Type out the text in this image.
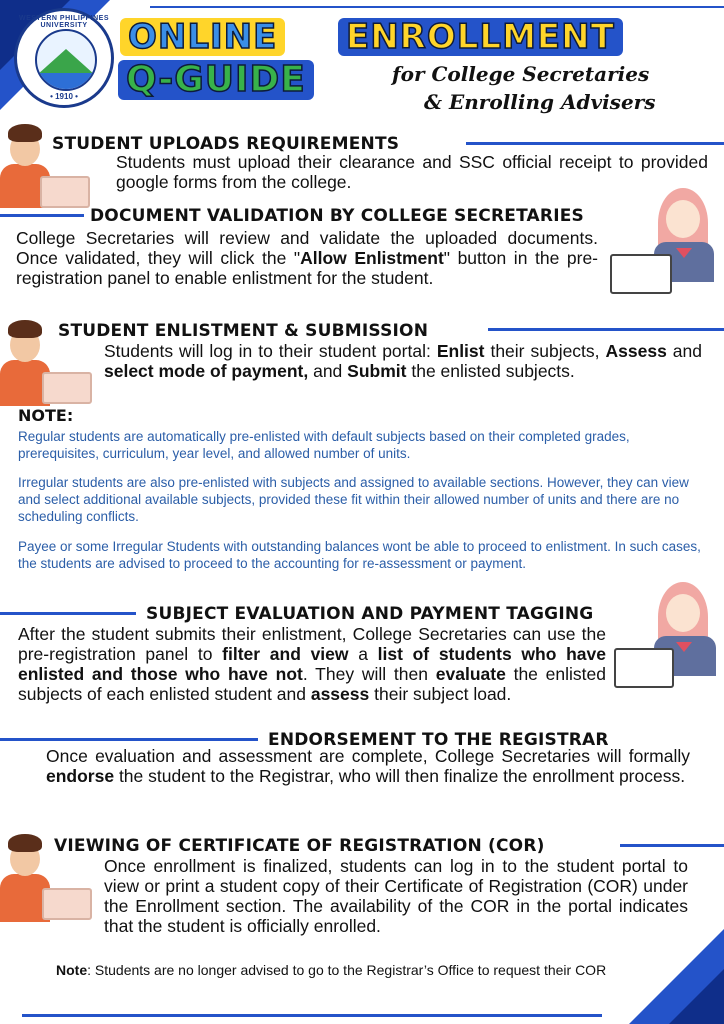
WESTERN PHILIPPINES UNIVERSITY
• 1910 •
ONLINE ENROLLMENT
Q-GUIDE	for College Secretaries
& Enrolling Advisers
STUDENT UPLOADS REQUIREMENTS
Students must upload their clearance and SSC official receipt to provided google forms from the college.
DOCUMENT VALIDATION BY COLLEGE SECRETARIES
College Secretaries will review and validate the uploaded documents. Once validated, they will click the "Allow Enlistment" button in the pre-registration panel to enable enlistment for the student.
STUDENT ENLISTMENT & SUBMISSION
Students will log in to their student portal: Enlist their subjects, Assess and select mode of payment, and Submit the enlisted subjects.
NOTE:
Regular students are automatically pre-enlisted with default subjects based on their completed grades, prerequisites, curriculum, year level, and allowed number of units.
Irregular students are also pre-enlisted with subjects and assigned to available sections. However, they can view and select additional available subjects, provided these fit within their allowed number of units and there are no scheduling conflicts.
Payee or some Irregular Students with outstanding balances wont be able to proceed to enlistment. In such cases, the students are advised to proceed to the accounting for re-assessment or payment.
SUBJECT EVALUATION AND PAYMENT TAGGING
After the student submits their enlistment, College Secretaries can use the pre-registration panel to filter and view a list of students who have enlisted and those who have not. They will then evaluate the enlisted subjects of each enlisted student and assess their subject load.
ENDORSEMENT TO THE REGISTRAR
Once evaluation and assessment are complete, College Secretaries will formally endorse the student to the Registrar, who will then finalize the enrollment process.
VIEWING OF CERTIFICATE OF REGISTRATION (COR)
Once enrollment is finalized, students can log in to the student portal to view or print a student copy of their Certificate of Registration (COR) under the Enrollment section. The availability of the COR in the portal indicates that the student is officially enrolled.
Note: Students are no longer advised to go to the Registrar’s Office to request their COR
